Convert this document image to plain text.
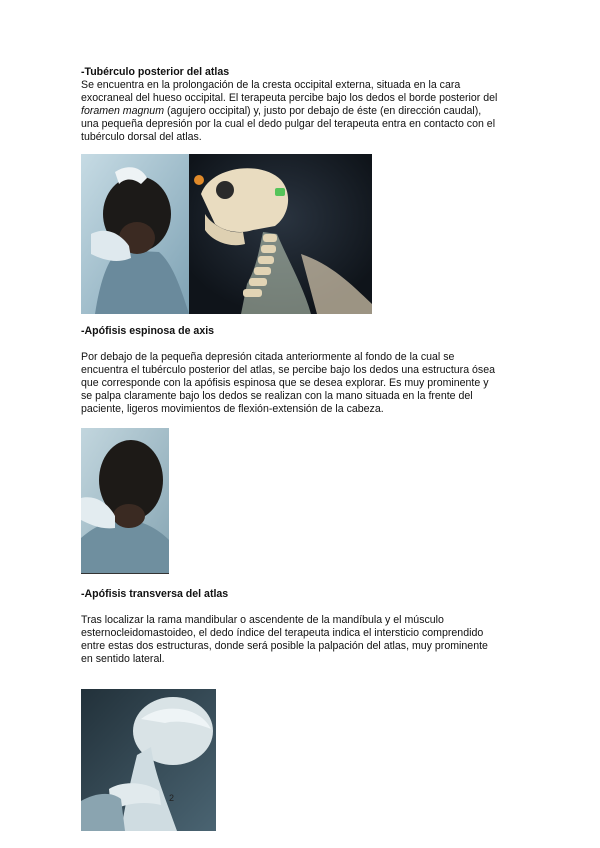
-Tubérculo posterior del atlas
Se encuentra en la prolongación de la cresta occipital externa, situada en la cara
exocraneal del hueso occipital. El terapeuta percibe bajo los dedos el borde posterior del
foramen magnum (agujero occipital) y, justo por debajo de éste (en dirección caudal),
una pequeña depresión por la cual el dedo pulgar del terapeuta entra en contacto con el
tubérculo dorsal del atlas.
-Apófisis espinosa de axis
Por debajo de la pequeña depresión citada anteriormente al fondo de la cual se
encuentra el tubérculo posterior del atlas, se percibe bajo los dedos una estructura ósea
que corresponde con la apófisis espinosa que se desea explorar. Es muy prominente y
se palpa claramente bajo los dedos se realizan con la mano situada en la frente del
paciente, ligeros movimientos de flexión-extensión de la cabeza.
-Apófisis transversa del atlas
Tras localizar la rama mandibular o ascendente de la mandíbula y el músculo
esternocleidomastoideo, el dedo índice del terapeuta indica el intersticio comprendido
entre estas dos estructuras, donde será posible la palpación del atlas, muy prominente
en sentido lateral.
2
